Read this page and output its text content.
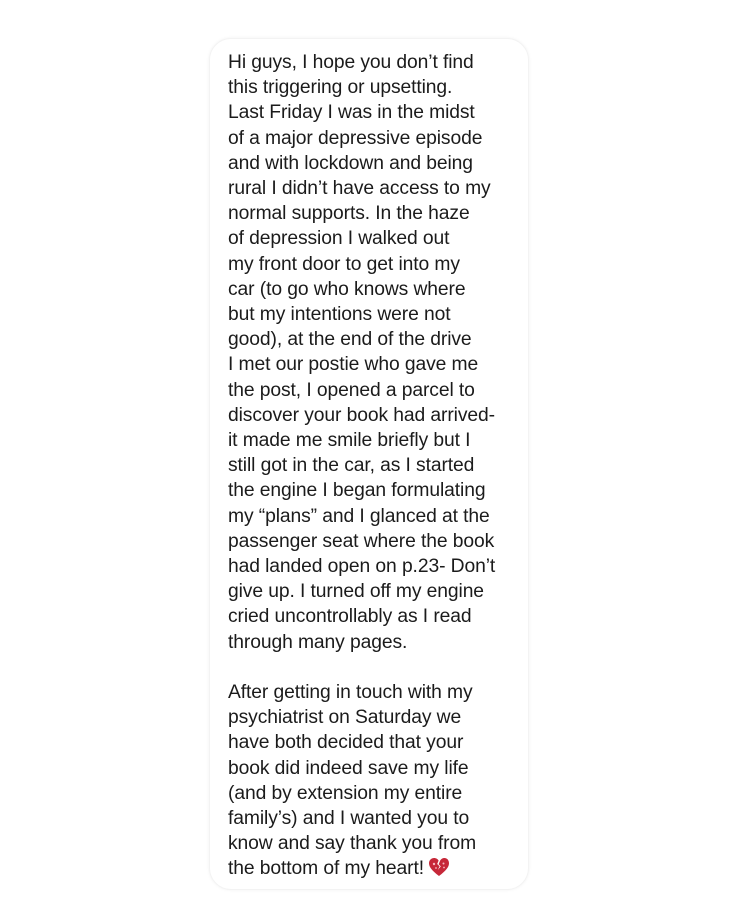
Hi guys, I hope you don’t find
this triggering or upsetting.
Last Friday I was in the midst
of a major depressive episode
and with lockdown and being
rural I didn’t have access to my
normal supports. In the haze
of depression I walked out
my front door to get into my
car (to go who knows where
but my intentions were not
good), at the end of the drive
I met our postie who gave me
the post, I opened a parcel to
discover your book had arrived-
it made me smile briefly but I
still got in the car, as I started
the engine I began formulating
my “plans” and I glanced at the
passenger seat where the book
had landed open on p.23- Don’t
give up. I turned off my engine
cried uncontrollably as I read
through many pages.
After getting in touch with my
psychiatrist on Saturday we
have both decided that your
book did indeed save my life
(and by extension my entire
family’s) and I wanted you to
know and say thank you from
the bottom of my heart!
